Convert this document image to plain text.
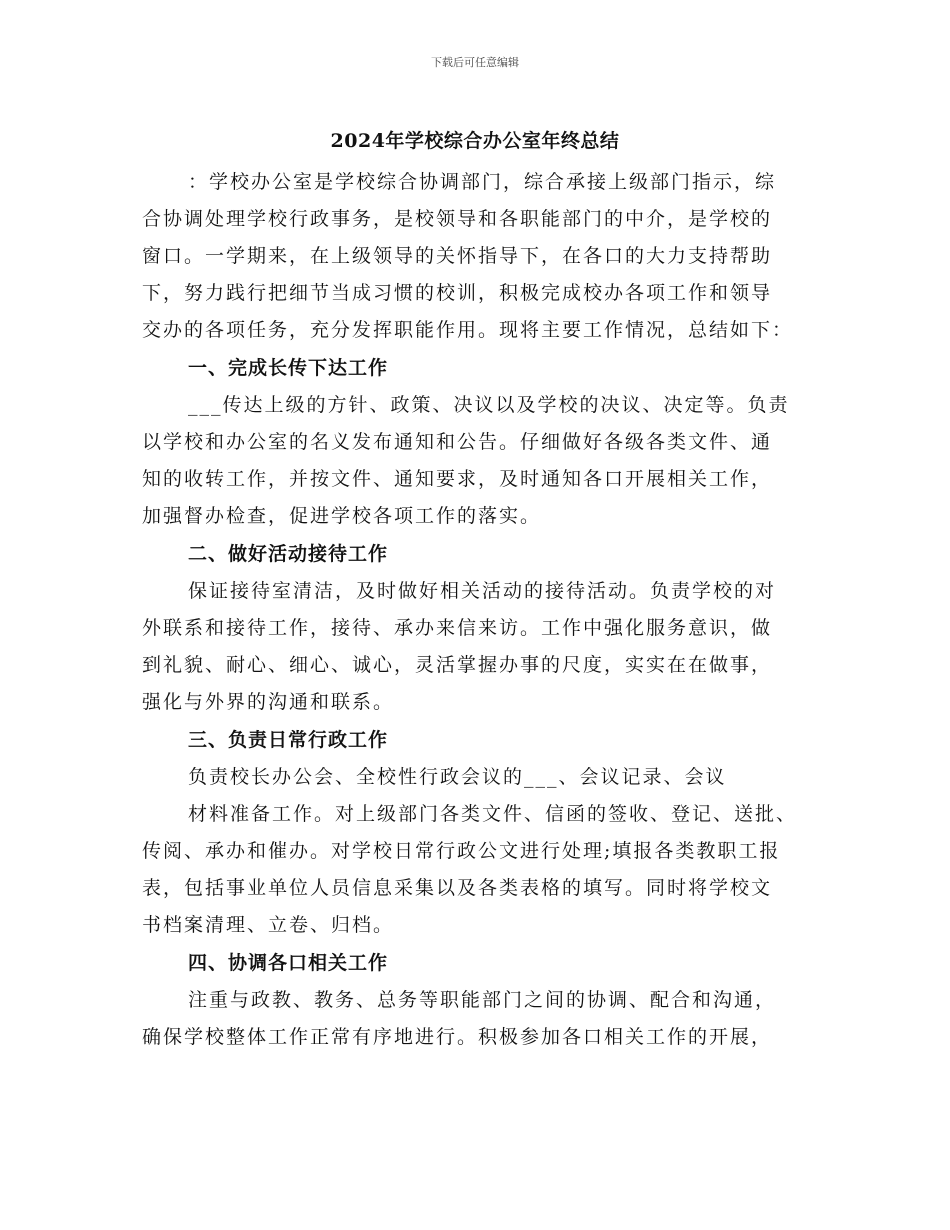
下载后可任意编辑
2024年学校综合办公室年终总结
：学校办公室是学校综合协调部门，综合承接上级部门指示，综
合协调处理学校行政事务，是校领导和各职能部门的中介，是学校的
窗口。一学期来，在上级领导的关怀指导下，在各口的大力支持帮助
下，努力践行把细节当成习惯的校训，积极完成校办各项工作和领导
交办的各项任务，充分发挥职能作用。现将主要工作情况，总结如下：
一、完成长传下达工作
___传达上级的方针、政策、决议以及学校的决议、决定等。负责
以学校和办公室的名义发布通知和公告。仔细做好各级各类文件、通
知的收转工作，并按文件、通知要求，及时通知各口开展相关工作，
加强督办检查，促进学校各项工作的落实。
二、做好活动接待工作
保证接待室清洁，及时做好相关活动的接待活动。负责学校的对
外联系和接待工作，接待、承办来信来访。工作中强化服务意识，做
到礼貌、耐心、细心、诚心，灵活掌握办事的尺度，实实在在做事，
强化与外界的沟通和联系。
三、负责日常行政工作
负责校长办公会、全校性行政会议的___、会议记录、会议
材料准备工作。对上级部门各类文件、信函的签收、登记、送批、
传阅、承办和催办。对学校日常行政公文进行处理;填报各类教职工报
表，包括事业单位人员信息采集以及各类表格的填写。同时将学校文
书档案清理、立卷、归档。
四、协调各口相关工作
注重与政教、教务、总务等职能部门之间的协调、配合和沟通，
确保学校整体工作正常有序地进行。积极参加各口相关工作的开展，
